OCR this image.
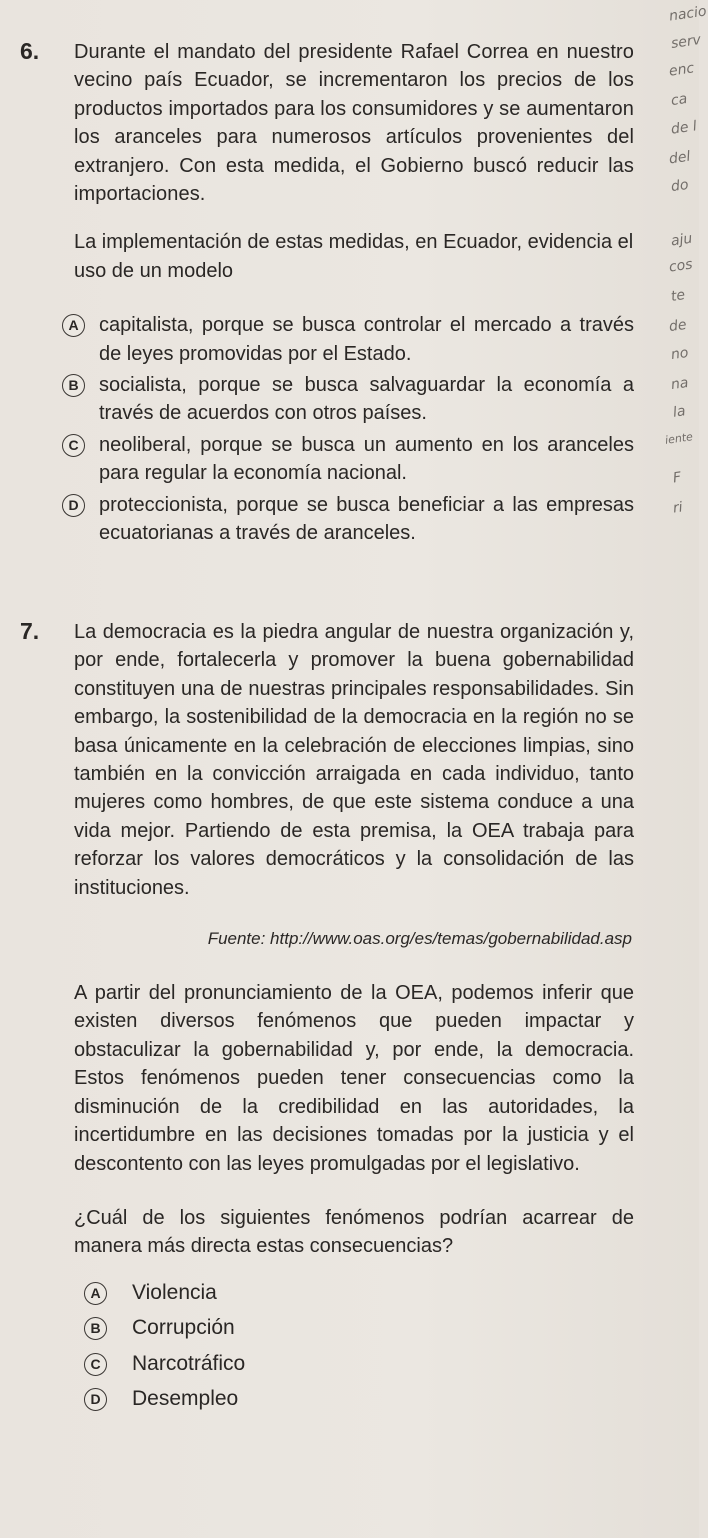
nacio
serv
enc
ca
de l
del
do
aju
cos
te
de
no
na
la
iente
F
ri
6. Durante el mandato del presidente Rafael Correa en nuestro vecino país Ecuador, se incrementaron los precios de los productos importados para los consumidores y se aumentaron los aranceles para numerosos artículos provenientes del extranjero. Con esta medida, el Gobierno buscó reducir las importaciones.

La implementación de estas medidas, en Ecuador, evidencia el uso de un modelo
A	capitalista, porque se busca controlar el mercado a través de leyes promovidas por el Estado.
B	socialista, porque se busca salvaguardar la economía a través de acuerdos con otros países.
C	neoliberal, porque se busca un aumento en los aranceles para regular la economía nacional.
D	proteccionista, porque se busca beneficiar a las empresas ecuatorianas a través de aranceles.
7. La democracia es la piedra angular de nuestra organización y, por ende, fortalecerla y promover la buena gobernabilidad constituyen una de nuestras principales responsabilidades. Sin embargo, la sostenibilidad de la democracia en la región no se basa únicamente en la celebración de elecciones limpias, sino también en la convicción arraigada en cada individuo, tanto mujeres como hombres, de que este sistema conduce a una vida mejor. Partiendo de esta premisa, la OEA trabaja para reforzar los valores democráticos y la consolidación de las instituciones.
Fuente: http://www.oas.org/es/temas/gobernabilidad.asp
A partir del pronunciamiento de la OEA, podemos inferir que existen diversos fenómenos que pueden impactar y obstaculizar la gobernabilidad y, por ende, la democracia. Estos fenómenos pueden tener consecuencias como la disminución de la credibilidad en las autoridades, la incertidumbre en las decisiones tomadas por la justicia y el descontento con las leyes promulgadas por el legislativo.
¿Cuál de los siguientes fenómenos podrían acarrear de manera más directa estas consecuencias?
A	Violencia
B	Corrupción
C	Narcotráfico
D	Desempleo
